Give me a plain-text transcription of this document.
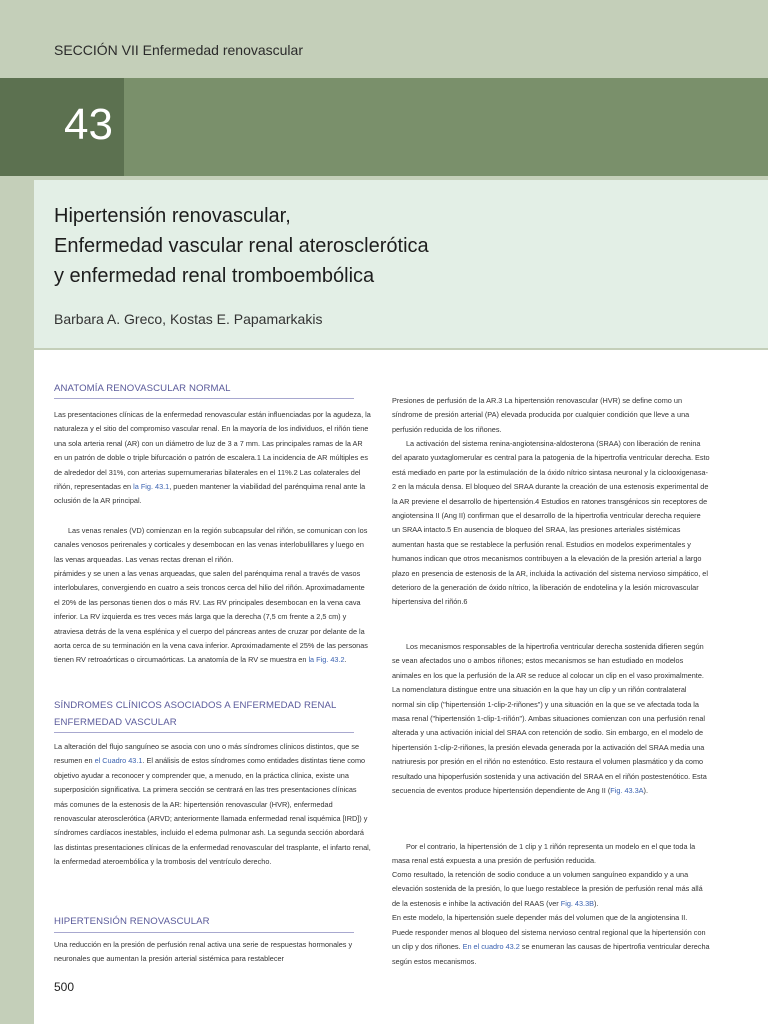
SECCIÓN VII Enfermedad renovascular
43
Hipertensión renovascular,
Enfermedad vascular renal aterosclerótica
y enfermedad renal tromboembólica
Barbara A. Greco, Kostas E. Papamarkakis
ANATOMÍA RENOVASCULAR NORMAL

Las presentaciones clínicas de la enfermedad renovascular están influenciadas por la agudeza, la naturaleza y el sitio del compromiso vascular renal. En la mayoría de los individuos, el riñón tiene una sola arteria renal (AR) con un diámetro de luz de 3 a 7 mm. Las principales ramas de la AR en un patrón de doble o triple bifurcación o patrón de escalera.1 La incidencia de AR múltiples es de alrededor del 31%, con arterias supernumerarias bilaterales en el 11%.2 Las colaterales del riñón, representadas en la Fig. 43.1, pueden mantener la viabilidad del parénquima renal ante la oclusión de la AR principal.

Las venas renales (VD) comienzan en la región subcapsular del riñón, se comunican con los canales venosos perirenales y corticales y desembocan en las venas interlobulillares y luego en las venas arqueadas. Las venas rectas drenan el riñón.

pirámides y se unen a las venas arqueadas, que salen del parénquima renal a través de vasos interlobulares, convergiendo en cuatro a seis troncos cerca del hilio del riñón. Aproximadamente el 20% de las personas tienen dos o más RV. Las RV principales desembocan en la vena cava inferior. La RV izquierda es tres veces más larga que la derecha (7,5 cm frente a 2,5 cm) y atraviesa detrás de la vena esplénica y el cuerpo del páncreas antes de cruzar por delante de la aorta cerca de su terminación en la vena cava inferior. Aproximadamente el 25% de las personas tienen RV retroaórticas o circumaórticas. La anatomía de la RV se muestra en la Fig. 43.2.

SÍNDROMES CLÍNICOS ASOCIADOS A ENFERMEDAD RENAL
ENFERMEDAD VASCULAR

La alteración del flujo sanguíneo se asocia con uno o más síndromes clínicos distintos, que se resumen en el Cuadro 43.1. El análisis de estos síndromes como entidades distintas tiene como objetivo ayudar a reconocer y comprender que, a menudo, en la práctica clínica, existe una superposición significativa. La primera sección se centrará en las tres presentaciones clínicas más comunes de la estenosis de la AR: hipertensión renovascular (HVR), enfermedad renovascular aterosclerótica (ARVD; anteriormente llamada enfermedad renal isquémica [IRD]) y síndromes cardíacos inestables, incluido el edema pulmonar ash. La segunda sección abordará las distintas presentaciones clínicas de la enfermedad renovascular del trasplante, el infarto renal, la enfermedad ateroembólica y la trombosis del ventrículo derecho.

HIPERTENSIÓN RENOVASCULAR

Una reducción en la presión de perfusión renal activa una serie de respuestas hormonales y neuronales que aumentan la presión arterial sistémica para restablecer

Presiones de perfusión de la AR.3 La hipertensión renovascular (HVR) se define como un síndrome de presión arterial (PA) elevada producida por cualquier condición que lleve a una perfusión reducida de los riñones.

La activación del sistema renina-angiotensina-aldosterona (SRAA) con liberación de renina del aparato yuxtaglomerular es central para la patogenia de la hipertrofia ventricular derecha. Esto está mediado en parte por la estimulación de la óxido nítrico sintasa neuronal y la ciclooxigenasa-2 en la mácula densa. El bloqueo del SRAA durante la creación de una estenosis experimental de la AR previene el desarrollo de hipertensión.4 Estudios en ratones transgénicos sin receptores de angiotensina II (Ang II) confirman que el desarrollo de la hipertrofia ventricular derecha requiere un SRAA intacto.5 En ausencia de bloqueo del SRAA, las presiones arteriales sistémicas aumentan hasta que se restablece la perfusión renal. Estudios en modelos experimentales y humanos indican que otros mecanismos contribuyen a la elevación de la presión arterial a largo plazo en presencia de estenosis de la AR, incluida la activación del sistema nervioso simpático, el deterioro de la generación de óxido nítrico, la liberación de endotelina y la lesión microvascular hipertensiva del riñón.6

Los mecanismos responsables de la hipertrofia ventricular derecha sostenida difieren según se vean afectados uno o ambos riñones; estos mecanismos se han estudiado en modelos animales en los que la perfusión de la AR se reduce al colocar un clip en el vaso proximalmente. La nomenclatura distingue entre una situación en la que hay un clip y un riñón contralateral normal sin clip ("hipertensión 1-clip-2-riñones") y una situación en la que se ve afectada toda la masa renal ("hipertensión 1-clip-1-riñón"). Ambas situaciones comienzan con una perfusión renal alterada y una activación inicial del SRAA con retención de sodio. Sin embargo, en el modelo de hipertensión 1-clip-2-riñones, la presión elevada generada por la activación del SRAA media una natriuresis por presión en el riñón no estenótico. Esto restaura el volumen plasmático y da como resultado una hipoperfusión sostenida y una activación del SRAA en el riñón postestenótico. Esta secuencia de eventos produce hipertensión dependiente de Ang II (Fig. 43.3A).

Por el contrario, la hipertensión de 1 clip y 1 riñón representa un modelo en el que toda la masa renal está expuesta a una presión de perfusión reducida.

Como resultado, la retención de sodio conduce a un volumen sanguíneo expandido y a una elevación sostenida de la presión, lo que luego restablece la presión de perfusión renal más allá de la estenosis e inhibe la activación del RAAS (ver Fig. 43.3B).

En este modelo, la hipertensión suele depender más del volumen que de la angiotensina II.

Puede responder menos al bloqueo del sistema nervioso central regional que la hipertensión con un clip y dos riñones. En el cuadro 43.2 se enumeran las causas de hipertrofia ventricular derecha según estos mecanismos.

500
